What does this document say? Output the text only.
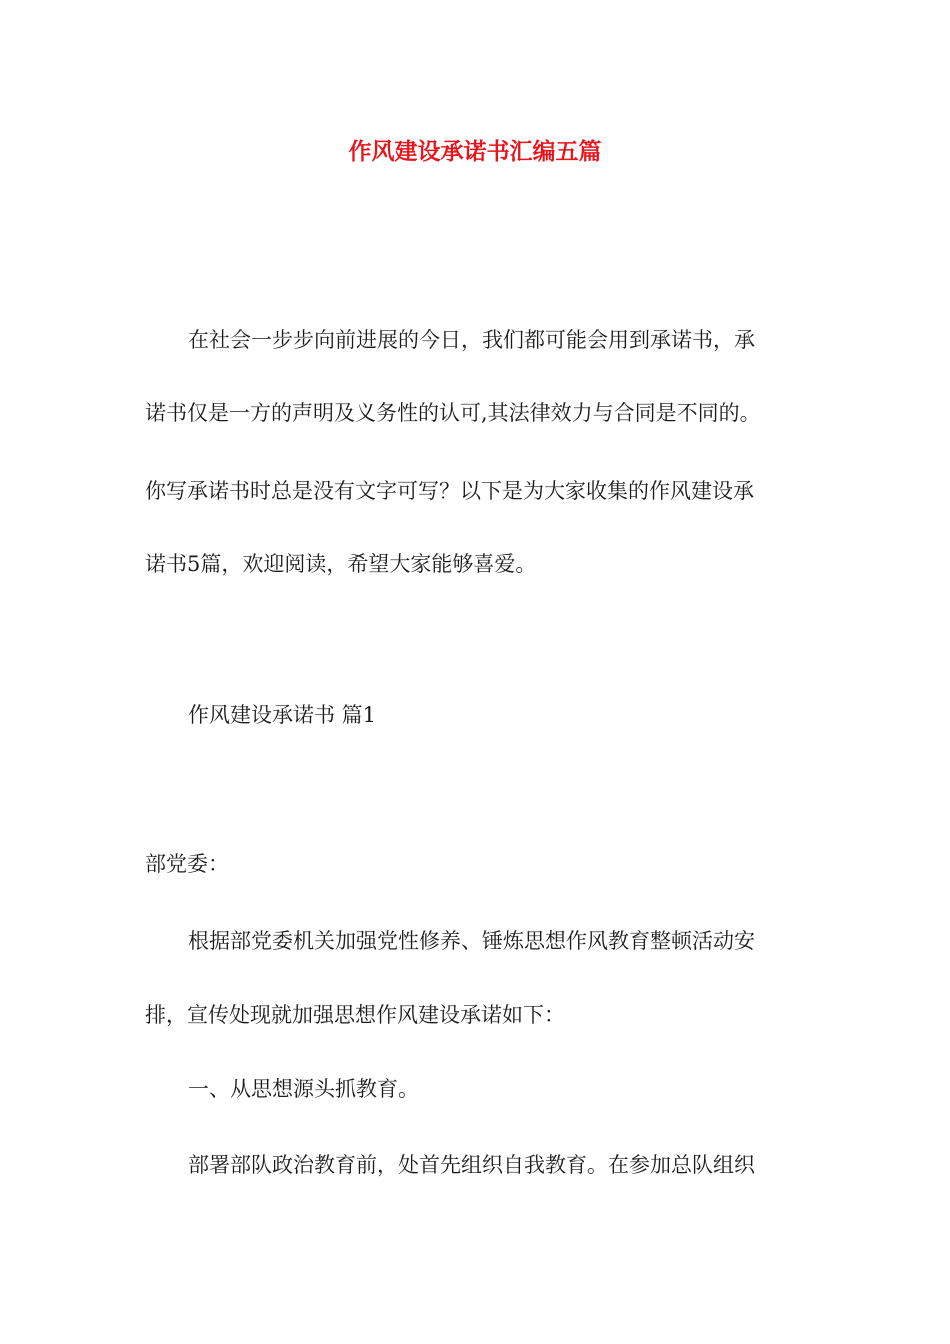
作风建设承诺书汇编五篇

在社会一步步向前进展的今日，我们都可能会用到承诺书，承

诺书仅是一方的声明及义务性的认可,其法律效力与合同是不同的。

你写承诺书时总是没有文字可写？以下是为大家收集的作风建设承

诺书5篇，欢迎阅读，希望大家能够喜爱。

作风建设承诺书 篇1

部党委：

根据部党委机关加强党性修养、锤炼思想作风教育整顿活动安

排，宣传处现就加强思想作风建设承诺如下：

一、从思想源头抓教育。

部署部队政治教育前，处首先组织自我教育。在参加总队组织
